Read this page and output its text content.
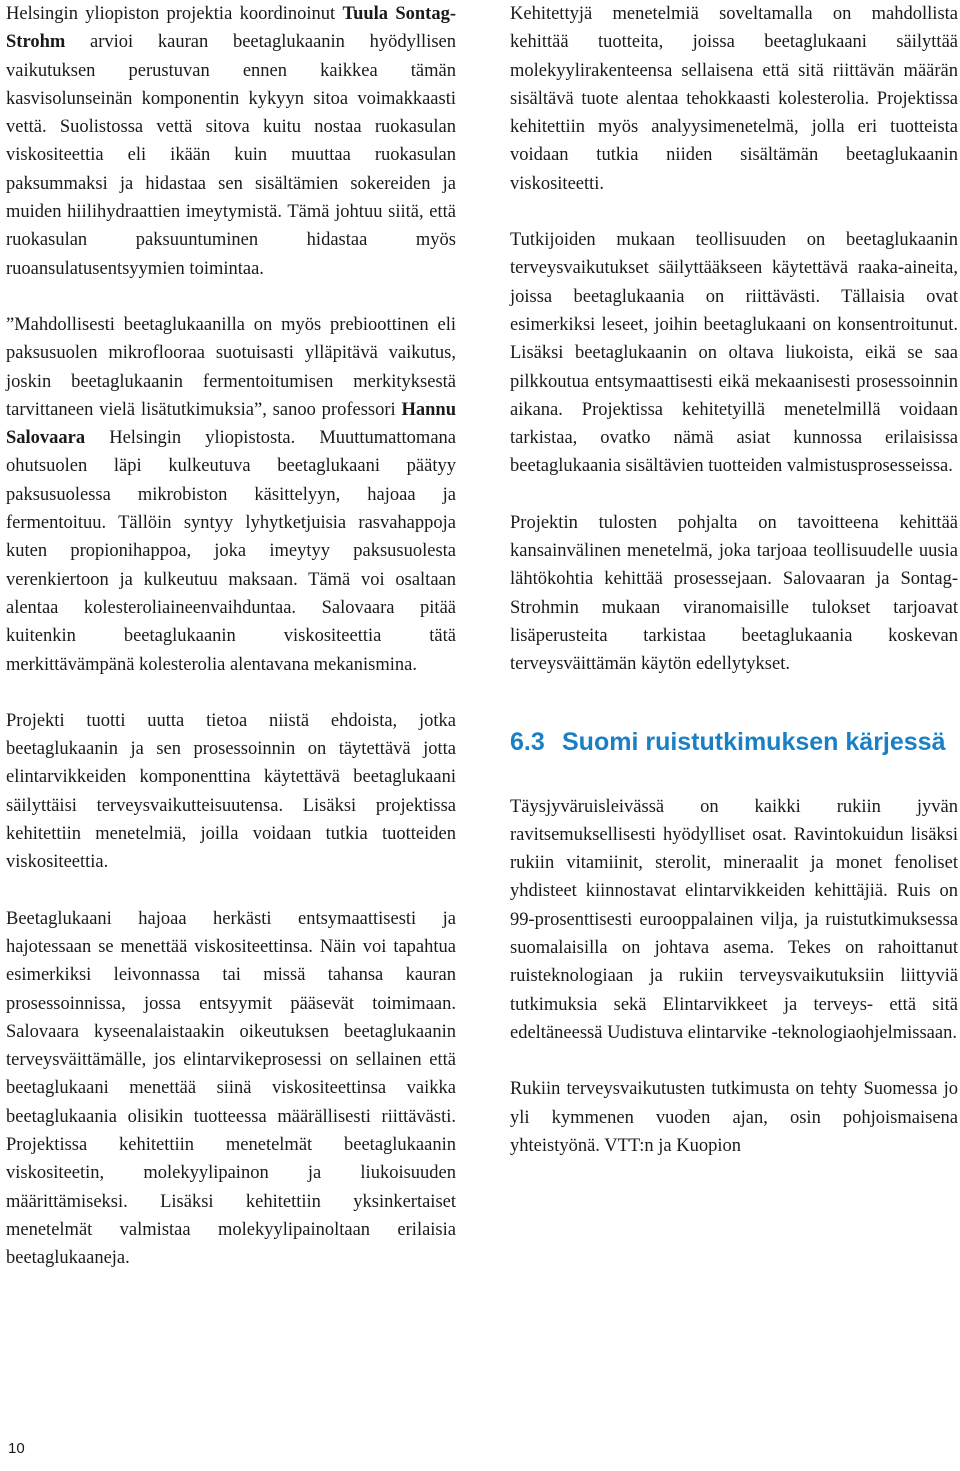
Helsingin yliopiston projektia koordinoinut Tuula Sontag-Strohm arvioi kauran beetaglukaanin hyödyllisen vaikutuksen perustuvan ennen kaikkea tämän kasvisolunseinän komponentin kykyyn sitoa voimakkaasti vettä. Suolistossa vettä sitova kuitu nostaa ruokasulan viskositeettia eli ikään kuin muuttaa ruokasulan paksummaksi ja hidastaa sen sisältämien sokereiden ja muiden hiilihydraattien imeytymistä. Tämä johtuu siitä, että ruokasulan paksuuntuminen hidastaa myös ruoansulatusentsyymien toimintaa.

”Mahdollisesti beetaglukaanilla on myös prebioottinen eli paksusuolen mikroflooraa suotuisasti ylläpitävä vaikutus, joskin beetaglukaanin fermentoitumisen merkityksestä tarvittaneen vielä lisätutkimuksia”, sanoo professori Hannu Salovaara Helsingin yliopistosta. Muuttumattomana ohutsuolen läpi kulkeutuva beetaglukaani päätyy paksusuolessa mikrobiston käsittelyyn, hajoaa ja fermentoituu. Tällöin syntyy lyhytketjuisia rasvahappoja kuten propionihappoa, joka imeytyy paksusuolesta verenkiertoon ja kulkeutuu maksaan. Tämä voi osaltaan alentaa kolesteroliaineenvaihduntaa. Salovaara pitää kuitenkin beetaglukaanin viskositeettia tätä merkittävämpänä kolesterolia alentavana mekanismina.

Projekti tuotti uutta tietoa niistä ehdoista, jotka beetaglukaanin ja sen prosessoinnin on täytettävä jotta elintarvikkeiden komponenttina käytettävä beetaglukaani säilyttäisi terveysvaikutteisuutensa. Lisäksi projektissa kehitettiin menetelmiä, joilla voidaan tutkia tuotteiden viskositeettia.

Beetaglukaani hajoaa herkästi entsymaattisesti ja hajotessaan se menettää viskositeettinsa. Näin voi tapahtua esimerkiksi leivonnassa tai missä tahansa kauran prosessoinnissa, jossa entsyymit pääsevät toimimaan. Salovaara kyseenalaistaakin oikeutuksen beetaglukaanin terveysväittämälle, jos elintarvikeprosessi on sellainen että beetaglukaani menettää siinä viskositeettinsa vaikka beetaglukaania olisikin tuotteessa määrällisesti riittävästi. Projektissa kehitettiin menetelmät beetaglukaanin viskositeetin, molekyylipainon ja liukoisuuden määrittämiseksi. Lisäksi kehitettiin yksinkertaiset menetelmät valmistaa molekyylipainoltaan erilaisia beetaglukaaneja.

Kehitettyjä menetelmiä soveltamalla on mahdollista kehittää tuotteita, joissa beetaglukaani säilyttää molekyylirakenteensa sellaisena että sitä riittävän määrän sisältävä tuote alentaa tehokkaasti kolesterolia. Projektissa kehitettiin myös analyysimenetelmä, jolla eri tuotteista voidaan tutkia niiden sisältämän beetaglukaanin viskositeetti.

Tutkijoiden mukaan teollisuuden on beetaglukaanin terveysvaikutukset säilyttääkseen käytettävä raaka-aineita, joissa beetaglukaania on riittävästi. Tällaisia ovat esimerkiksi leseet, joihin beetaglukaani on konsentroitunut. Lisäksi beetaglukaanin on oltava liukoista, eikä se saa pilkkoutua entsymaattisesti eikä mekaanisesti prosessoinnin aikana. Projektissa kehitetyillä menetelmillä voidaan tarkistaa, ovatko nämä asiat kunnossa erilaisissa beetaglukaania sisältävien tuotteiden valmistusprosesseissa.

Projektin tulosten pohjalta on tavoitteena kehittää kansainvälinen menetelmä, joka tarjoaa teollisuudelle uusia lähtökohtia kehittää prosessejaan. Salovaaran ja Sontag-Strohmin mukaan viranomaisille tulokset tarjoavat lisäperusteita tarkistaa beetaglukaania koskevan terveysväittämän käytön edellytykset.

6.3 Suomi ruistutkimuksen kärjessä

Täysjyväruisleivässä on kaikki rukiin jyvän ravitsemuksellisesti hyödylliset osat. Ravintokuidun lisäksi rukiin vitamiinit, sterolit, mineraalit ja monet fenoliset yhdisteet kiinnostavat elintarvikkeiden kehittäjiä. Ruis on 99-prosenttisesti eurooppalainen vilja, ja ruistutkimuksessa suomalaisilla on johtava asema. Tekes on rahoittanut ruisteknologiaan ja rukiin terveysvaikutuksiin liittyviä tutkimuksia sekä Elintarvikkeet ja terveys- että sitä edeltäneessä Uudistuva elintarvike -teknologiaohjelmissaan.

Rukiin terveysvaikutusten tutkimusta on tehty Suomessa jo yli kymmenen vuoden ajan, osin pohjoismaisena yhteistyönä. VTT:n ja Kuopion

10
